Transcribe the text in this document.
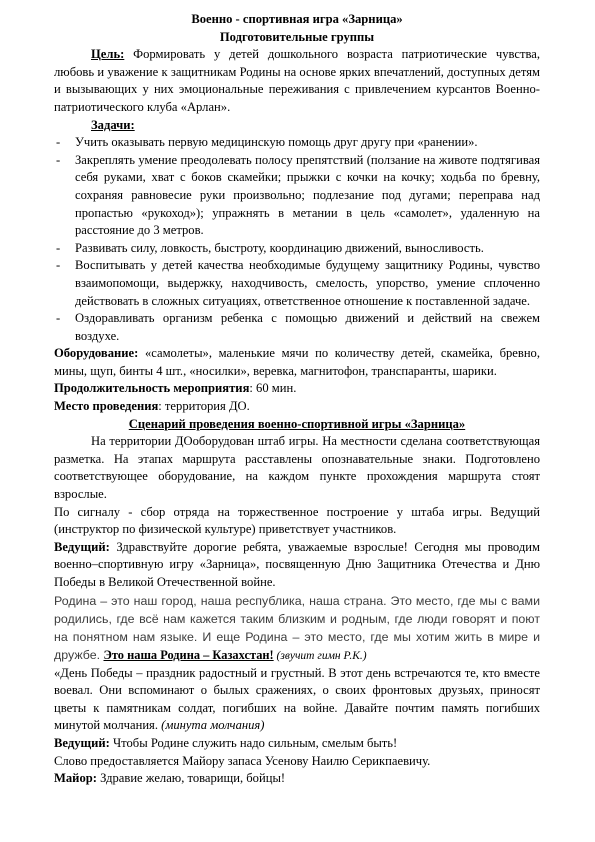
Военно - спортивная игра «Зарница»

Подготовительные группы

Цель: Формировать у детей дошкольного возраста патриотические чувства, любовь и уважение к защитникам Родины на основе ярких впечатлений, доступных детям и вызывающих у них эмоциональные переживания с привлечением курсантов Военно-патриотического клуба «Арлан».

Задачи:

- Учить оказывать первую медицинскую помощь друг другу при «ранении».
- Закреплять умение преодолевать полосу препятствий (ползание на животе подтягивая себя руками, хват с боков скамейки; прыжки с кочки на кочку; ходьба по бревну, сохраняя равновесие руки произвольно; подлезание под дугами; переправа над пропастью «рукоход»); упражнять в метании в цель «самолет», удаленную на расстояние до 3 метров.
- Развивать силу, ловкость, быстроту, координацию движений, выносливость.
- Воспитывать у детей качества необходимые будущему защитнику Родины, чувство взаимопомощи, выдержку, находчивость, смелость, упорство, умение сплоченно действовать в сложных ситуациях, ответственное отношение к поставленной задаче.
- Оздоравливать организм ребенка с помощью движений и действий на свежем воздухе.

Оборудование: «самолеты», маленькие мячи по количеству детей, скамейка, бревно, мины, щуп, бинты 4 шт., «носилки», веревка, магнитофон, транспаранты, шарики.

Продолжительность мероприятия: 60 мин.

Место проведения: территория ДО.

Сценарий проведения военно-спортивной игры «Зарница»

На территории ДОоборудован штаб игры. На местности сделана соответствующая разметка. На этапах маршрута расставлены опознавательные знаки. Подготовлено соответствующее оборудование, на каждом пункте прохождения маршрута стоят взрослые.

По сигналу - сбор отряда на торжественное построение у штаба игры. Ведущий (инструктор по физической культуре) приветствует участников.

Ведущий: Здравствуйте дорогие ребята, уважаемые взрослые! Сегодня мы проводим военно–спортивную игру «Зарница», посвященную Дню Защитника Отечества и Дню Победы в Великой Отечественной войне.

Родина – это наш город, наша республика, наша страна. Это место, где мы с вами родились, где всё нам кажется таким близким и родным, где люди говорят и поют на понятном нам языке. И еще Родина – это место, где мы хотим жить в мире и дружбе. Это наша Родина – Казахстан! (звучит гимн Р.К.)

«День Победы – праздник радостный и грустный. В этот день встречаются те, кто вместе воевал. Они вспоминают о былых сражениях, о своих фронтовых друзьях, приносят цветы к памятникам солдат, погибших на войне. Давайте почтим память погибших минутой молчания. (минута молчания)

Ведущий: Чтобы Родине служить надо сильным, смелым быть!

Слово предоставляется Майору запаса Усенову Наилю Серикпаевичу.

Майор: Здравие желаю, товарищи, бойцы!
